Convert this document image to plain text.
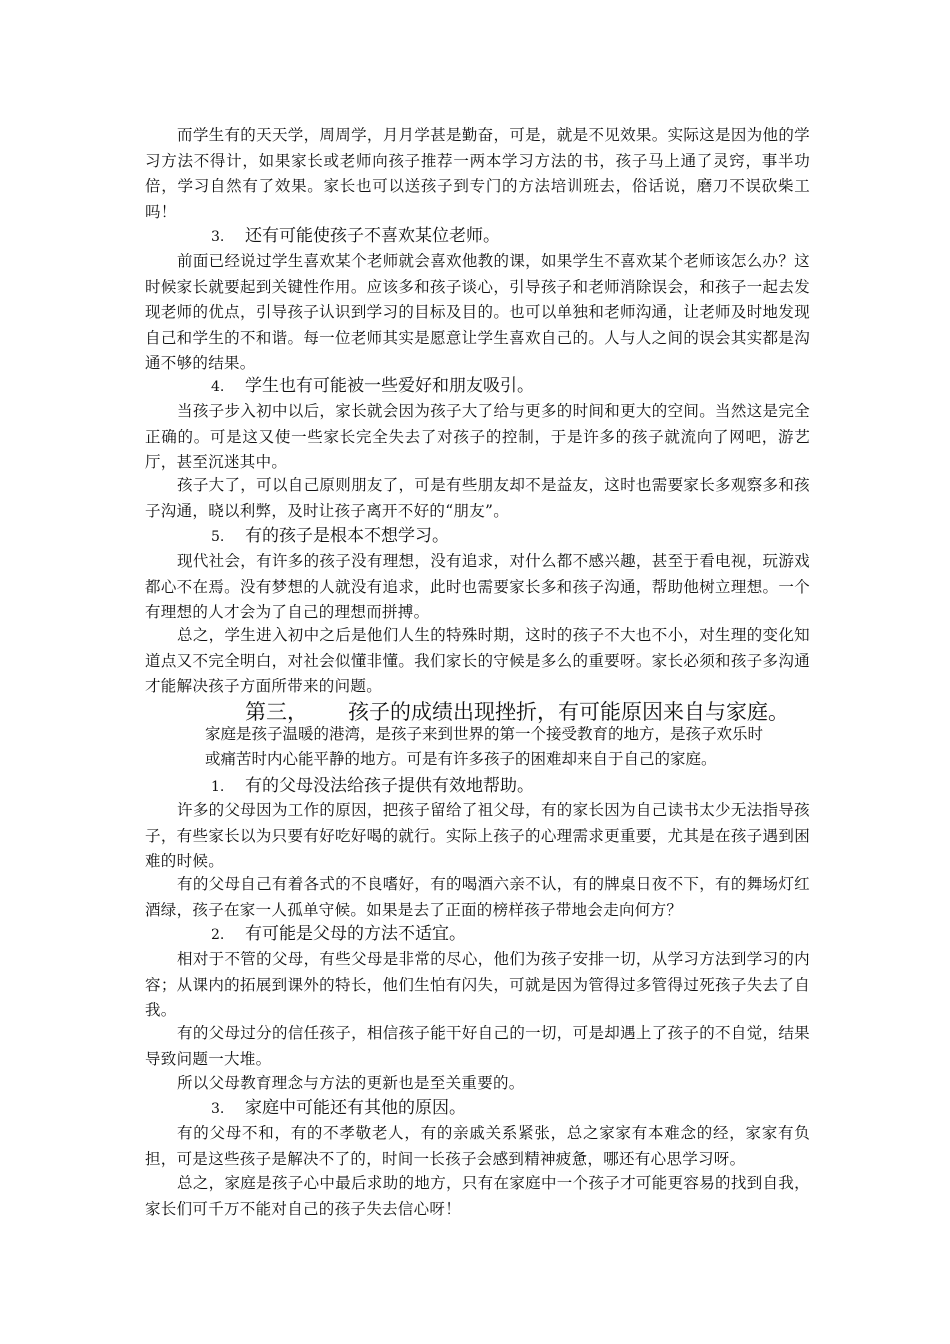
而学生有的天天学，周周学，月月学甚是勤奋，可是，就是不见效果。实际这是因为他的学习方法不得计，如果家长或老师向孩子推荐一两本学习方法的书，孩子马上通了灵窍，事半功倍，学习自然有了效果。家长也可以送孩子到专门的方法培训班去，俗话说，磨刀不误砍柴工吗！
3. 还有可能使孩子不喜欢某位老师。
前面已经说过学生喜欢某个老师就会喜欢他教的课，如果学生不喜欢某个老师该怎么办？这时候家长就要起到关键性作用。应该多和孩子谈心，引导孩子和老师消除误会，和孩子一起去发现老师的优点，引导孩子认识到学习的目标及目的。也可以单独和老师沟通，让老师及时地发现自己和学生的不和谐。每一位老师其实是愿意让学生喜欢自己的。人与人之间的误会其实都是沟通不够的结果。
4. 学生也有可能被一些爱好和朋友吸引。
当孩子步入初中以后，家长就会因为孩子大了给与更多的时间和更大的空间。当然这是完全正确的。可是这又使一些家长完全失去了对孩子的控制，于是许多的孩子就流向了网吧，游艺厅，甚至沉迷其中。
孩子大了，可以自己原则朋友了，可是有些朋友却不是益友，这时也需要家长多观察多和孩子沟通，晓以利弊，及时让孩子离开不好的“朋友”。
5. 有的孩子是根本不想学习。
现代社会，有许多的孩子没有理想，没有追求，对什么都不感兴趣，甚至于看电视，玩游戏都心不在焉。没有梦想的人就没有追求，此时也需要家长多和孩子沟通，帮助他树立理想。一个有理想的人才会为了自己的理想而拼搏。
总之，学生进入初中之后是他们人生的特殊时期，这时的孩子不大也不小，对生理的变化知道点又不完全明白，对社会似懂非懂。我们家长的守候是多么的重要呀。家长必须和孩子多沟通才能解决孩子方面所带来的问题。
第三， 孩子的成绩出现挫折，有可能原因来自与家庭。
家庭是孩子温暖的港湾，是孩子来到世界的第一个接受教育的地方，是孩子欢乐时
或痛苦时内心能平静的地方。可是有许多孩子的困难却来自于自己的家庭。
1. 有的父母没法给孩子提供有效地帮助。
许多的父母因为工作的原因，把孩子留给了祖父母，有的家长因为自己读书太少无法指导孩子，有些家长以为只要有好吃好喝的就行。实际上孩子的心理需求更重要，尤其是在孩子遇到困难的时候。
有的父母自己有着各式的不良嗜好，有的喝酒六亲不认，有的牌桌日夜不下，有的舞场灯红酒绿，孩子在家一人孤单守候。如果是去了正面的榜样孩子带地会走向何方？
2. 有可能是父母的方法不适宜。
相对于不管的父母，有些父母是非常的尽心，他们为孩子安排一切，从学习方法到学习的内容；从课内的拓展到课外的特长，他们生怕有闪失，可就是因为管得过多管得过死孩子失去了自我。
有的父母过分的信任孩子，相信孩子能干好自己的一切，可是却遇上了孩子的不自觉，结果导致问题一大堆。
所以父母教育理念与方法的更新也是至关重要的。
3. 家庭中可能还有其他的原因。
有的父母不和，有的不孝敬老人，有的亲戚关系紧张，总之家家有本难念的经，家家有负担，可是这些孩子是解决不了的，时间一长孩子会感到精神疲惫，哪还有心思学习呀。
总之，家庭是孩子心中最后求助的地方，只有在家庭中一个孩子才可能更容易的找到自我，家长们可千万不能对自己的孩子失去信心呀！
